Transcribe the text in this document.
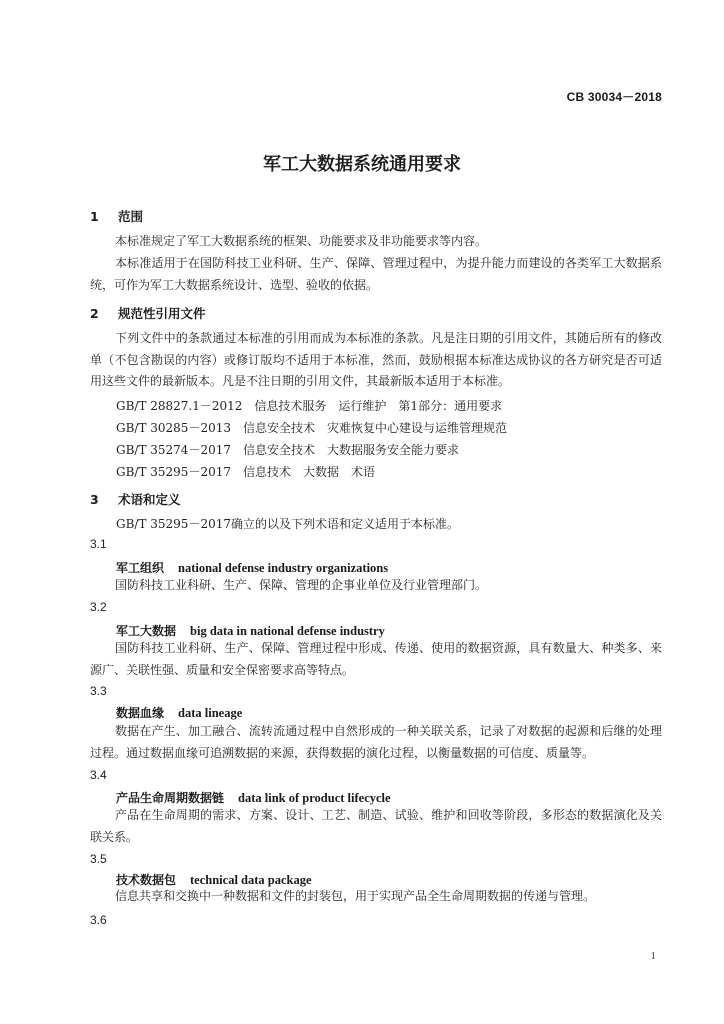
CB 30034－2018
军工大数据系统通用要求
1 范围
本标准规定了军工大数据系统的框架、功能要求及非功能要求等内容。
本标准适用于在国防科技工业科研、生产、保障、管理过程中，为提升能力而建设的各类军工大数据系统，可作为军工大数据系统设计、选型、验收的依据。
2 规范性引用文件
下列文件中的条款通过本标准的引用而成为本标准的条款。凡是注日期的引用文件，其随后所有的修改单（不包含勘误的内容）或修订版均不适用于本标准，然而，鼓励根据本标准达成协议的各方研究是否可适用这些文件的最新版本。凡是不注日期的引用文件，其最新版本适用于本标准。
GB/T 28827.1－2012　信息技术服务　运行维护　第1部分：通用要求
GB/T 30285－2013　信息安全技术　灾难恢复中心建设与运维管理规范
GB/T 35274－2017　信息安全技术　大数据服务安全能力要求
GB/T 35295－2017　信息技术　大数据　术语
3 术语和定义
GB/T 35295－2017确立的以及下列术语和定义适用于本标准。
3.1
军工组织 national defense industry organizations
国防科技工业科研、生产、保障、管理的企事业单位及行业管理部门。
3.2
军工大数据 big data in national defense industry
国防科技工业科研、生产、保障、管理过程中形成、传递、使用的数据资源，具有数量大、种类多、来源广、关联性强、质量和安全保密要求高等特点。
3.3
数据血缘 data lineage
数据在产生、加工融合、流转流通过程中自然形成的一种关联关系，记录了对数据的起源和后继的处理过程。通过数据血缘可追溯数据的来源，获得数据的演化过程，以衡量数据的可信度、质量等。
3.4
产品生命周期数据链 data link of product lifecycle
产品在生命周期的需求、方案、设计、工艺、制造、试验、维护和回收等阶段，多形态的数据演化及关联关系。
3.5
技术数据包 technical data package
信息共享和交换中一种数据和文件的封装包，用于实现产品全生命周期数据的传递与管理。
3.6
1
